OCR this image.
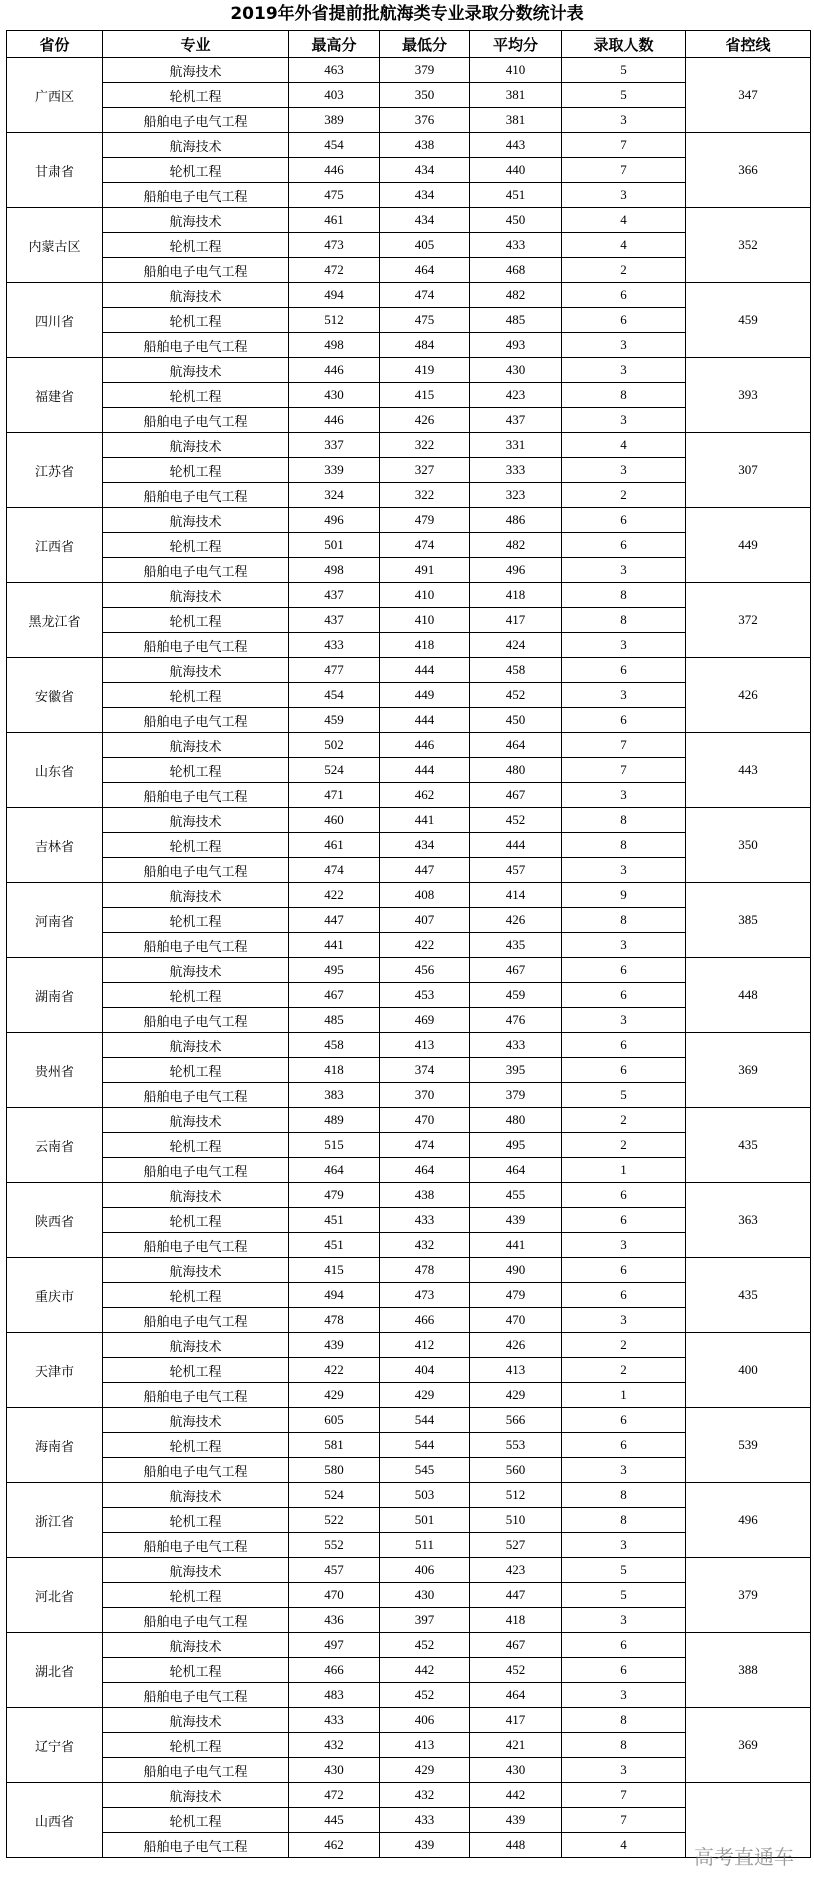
2019年外省提前批航海类专业录取分数统计表
省份	专业	最高分	最低分	平均分	录取人数	省控线
广西区	航海技术	463	379	410	5	347
	轮机工程	403	350	381	5	
	船舶电子电气工程	389	376	381	3	
甘肃省	航海技术	454	438	443	7	366
	轮机工程	446	434	440	7	
	船舶电子电气工程	475	434	451	3	
内蒙古区	航海技术	461	434	450	4	352
	轮机工程	473	405	433	4	
	船舶电子电气工程	472	464	468	2	
四川省	航海技术	494	474	482	6	459
	轮机工程	512	475	485	6	
	船舶电子电气工程	498	484	493	3	
福建省	航海技术	446	419	430	3	393
	轮机工程	430	415	423	8	
	船舶电子电气工程	446	426	437	3	
江苏省	航海技术	337	322	331	4	307
	轮机工程	339	327	333	3	
	船舶电子电气工程	324	322	323	2	
江西省	航海技术	496	479	486	6	449
	轮机工程	501	474	482	6	
	船舶电子电气工程	498	491	496	3	
黑龙江省	航海技术	437	410	418	8	372
	轮机工程	437	410	417	8	
	船舶电子电气工程	433	418	424	3	
安徽省	航海技术	477	444	458	6	426
	轮机工程	454	449	452	3	
	船舶电子电气工程	459	444	450	6	
山东省	航海技术	502	446	464	7	443
	轮机工程	524	444	480	7	
	船舶电子电气工程	471	462	467	3	
吉林省	航海技术	460	441	452	8	350
	轮机工程	461	434	444	8	
	船舶电子电气工程	474	447	457	3	
河南省	航海技术	422	408	414	9	385
	轮机工程	447	407	426	8	
	船舶电子电气工程	441	422	435	3	
湖南省	航海技术	495	456	467	6	448
	轮机工程	467	453	459	6	
	船舶电子电气工程	485	469	476	3	
贵州省	航海技术	458	413	433	6	369
	轮机工程	418	374	395	6	
	船舶电子电气工程	383	370	379	5	
云南省	航海技术	489	470	480	2	435
	轮机工程	515	474	495	2	
	船舶电子电气工程	464	464	464	1	
陕西省	航海技术	479	438	455	6	363
	轮机工程	451	433	439	6	
	船舶电子电气工程	451	432	441	3	
重庆市	航海技术	415	478	490	6	435
	轮机工程	494	473	479	6	
	船舶电子电气工程	478	466	470	3	
天津市	航海技术	439	412	426	2	400
	轮机工程	422	404	413	2	
	船舶电子电气工程	429	429	429	1	
海南省	航海技术	605	544	566	6	539
	轮机工程	581	544	553	6	
	船舶电子电气工程	580	545	560	3	
浙江省	航海技术	524	503	512	8	496
	轮机工程	522	501	510	8	
	船舶电子电气工程	552	511	527	3	
河北省	航海技术	457	406	423	5	379
	轮机工程	470	430	447	5	
	船舶电子电气工程	436	397	418	3	
湖北省	航海技术	497	452	467	6	388
	轮机工程	466	442	452	6	
	船舶电子电气工程	483	452	464	3	
辽宁省	航海技术	433	406	417	8	369
	轮机工程	432	413	421	8	
	船舶电子电气工程	430	429	430	3	
山西省	航海技术	472	432	442	7	
	轮机工程	445	433	439	7	
	船舶电子电气工程	462	439	448	4	
高考直通车
